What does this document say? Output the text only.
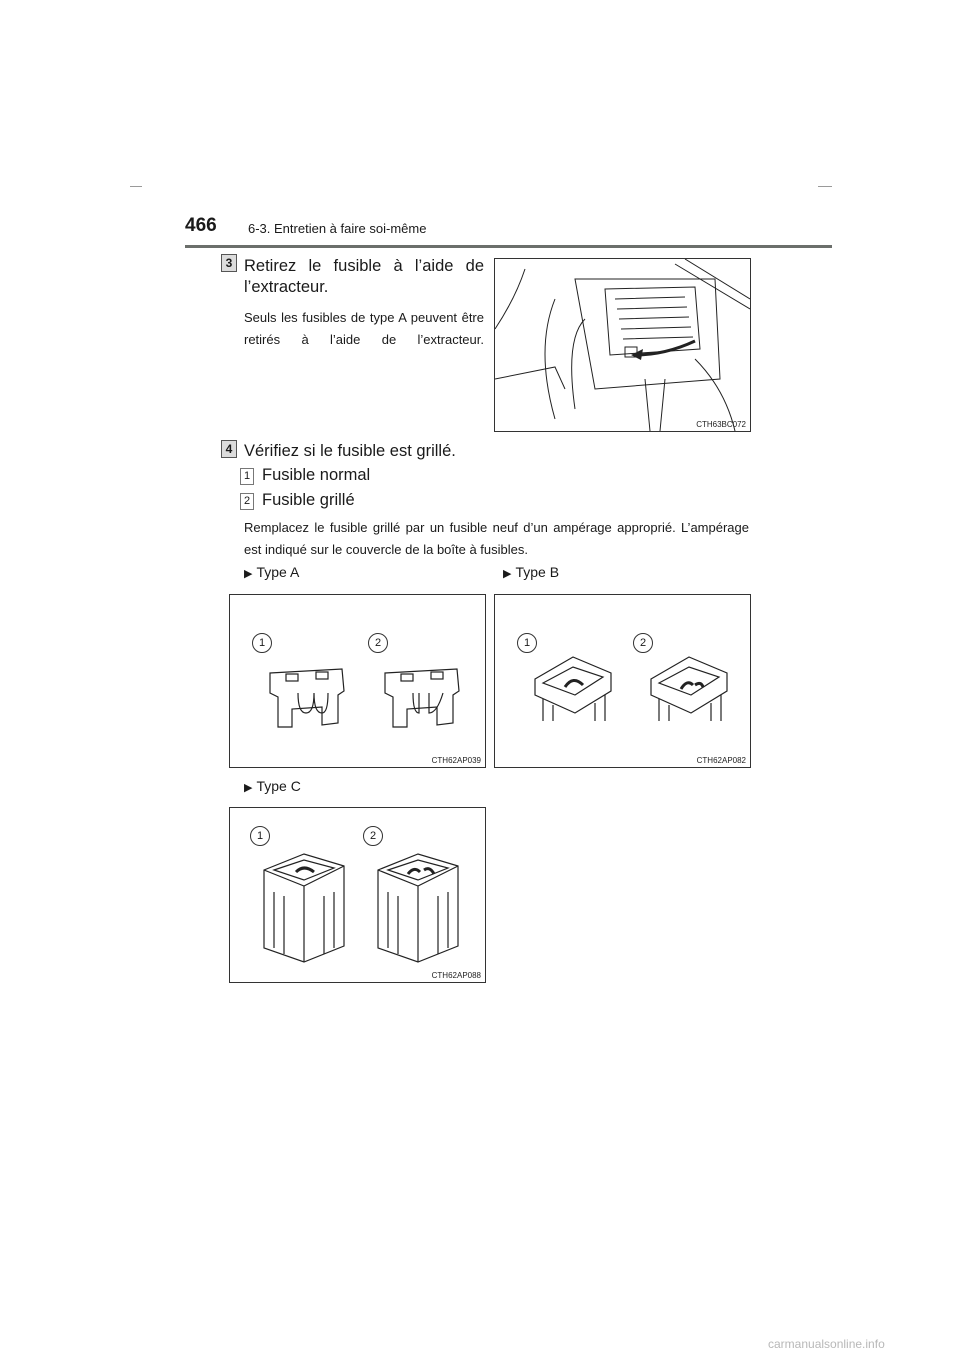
466 6-3. Entretien à faire soi-même
3 Retirez le fusible à l’aide de l’extracteur.
Seuls les fusibles de type A peuvent être retirés à l’aide de l’extracteur.
CTH63BC072
4 Vérifiez si le fusible est grillé.
1 Fusible normal
2 Fusible grillé
Remplacez le fusible grillé par un fusible neuf d’un ampérage approprié. L’ampérage est indiqué sur le couvercle de la boîte à fusibles.
▶ Type A	▶ Type B
1	2
CTH62AP039
1	2
CTH62AP082
▶ Type C
1	2
CTH62AP088
carmanualsonline.info
